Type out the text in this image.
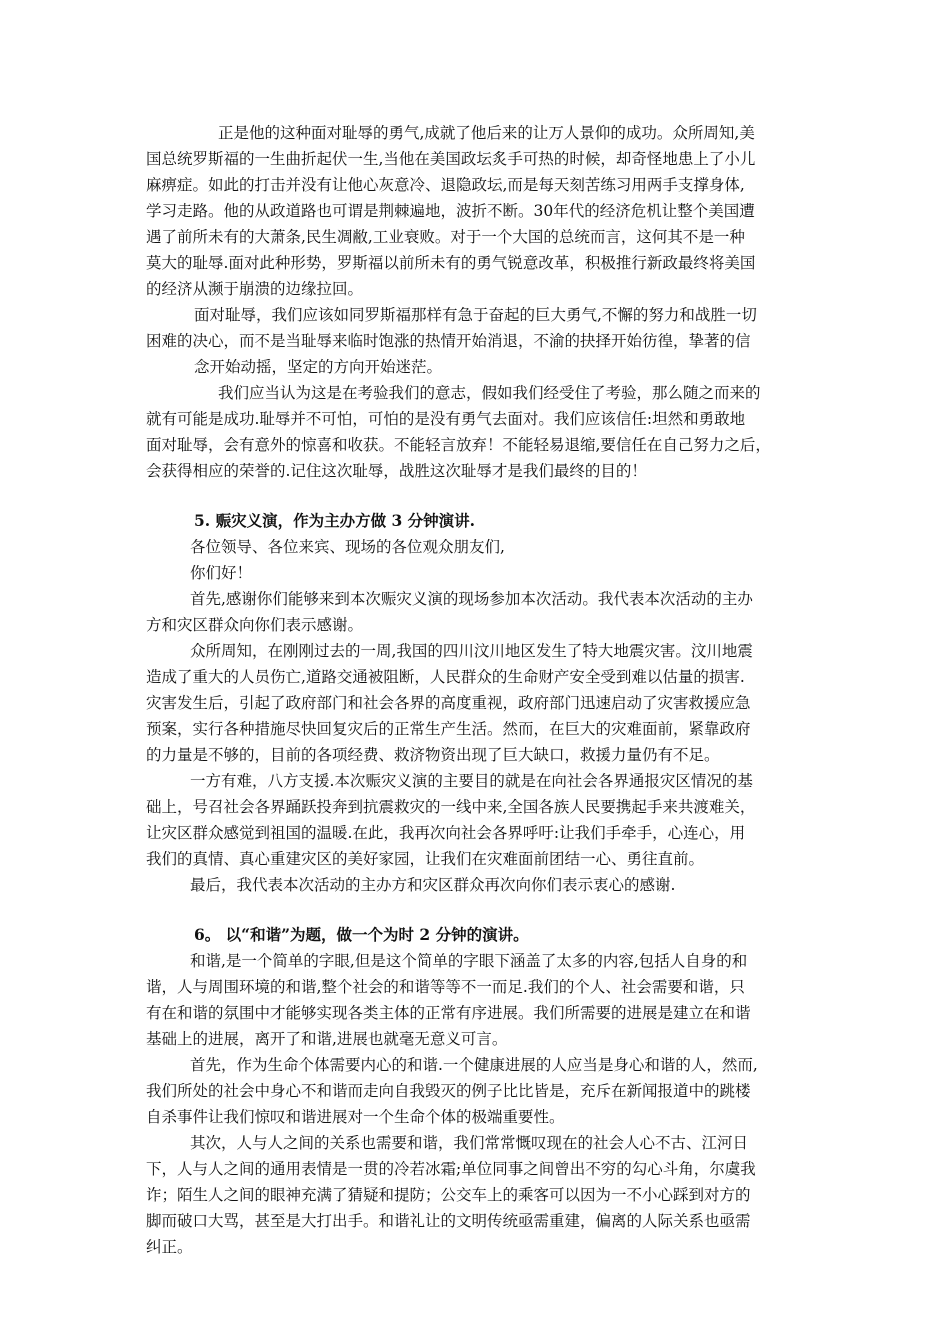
正是他的这种面对耻辱的勇气,成就了他后来的让万人景仰的成功。众所周知,美
国总统罗斯福的一生曲折起伏一生,当他在美国政坛炙手可热的时候，却奇怪地患上了小儿
麻痹症。如此的打击并没有让他心灰意冷、退隐政坛,而是每天刻苦练习用两手支撑身体,
学习走路。他的从政道路也可谓是荆棘遍地，波折不断。30年代的经济危机让整个美国遭
遇了前所未有的大萧条,民生凋敝,工业衰败。对于一个大国的总统而言，这何其不是一种
莫大的耻辱.面对此种形势，罗斯福以前所未有的勇气锐意改革，积极推行新政最终将美国
的经济从濒于崩溃的边缘拉回。
面对耻辱，我们应该如同罗斯福那样有急于奋起的巨大勇气,不懈的努力和战胜一切
困难的决心，而不是当耻辱来临时饱涨的热情开始消退，不渝的抉择开始彷徨，挚著的信
念开始动摇，坚定的方向开始迷茫。
我们应当认为这是在考验我们的意志，假如我们经受住了考验，那么随之而来的
就有可能是成功.耻辱并不可怕，可怕的是没有勇气去面对。我们应该信任:坦然和勇敢地
面对耻辱，会有意外的惊喜和收获。不能轻言放弃！不能轻易退缩,要信任在自己努力之后，
会获得相应的荣誉的.记住这次耻辱，战胜这次耻辱才是我们最终的目的！
5. 赈灾义演，作为主办方做 3 分钟演讲.
各位领导、各位来宾、现场的各位观众朋友们,
你们好！
首先,感谢你们能够来到本次赈灾义演的现场参加本次活动。我代表本次活动的主办
方和灾区群众向你们表示感谢。
众所周知，在刚刚过去的一周,我国的四川汶川地区发生了特大地震灾害。汶川地震
造成了重大的人员伤亡,道路交通被阻断，人民群众的生命财产安全受到难以估量的损害.
灾害发生后，引起了政府部门和社会各界的高度重视，政府部门迅速启动了灾害救援应急
预案，实行各种措施尽快回复灾后的正常生产生活。然而，在巨大的灾难面前，紧靠政府
的力量是不够的，目前的各项经费、救济物资出现了巨大缺口，救援力量仍有不足。
一方有难，八方支援.本次赈灾义演的主要目的就是在向社会各界通报灾区情况的基
础上，号召社会各界踊跃投奔到抗震救灾的一线中来,全国各族人民要携起手来共渡难关，
让灾区群众感觉到祖国的温暖.在此，我再次向社会各界呼吁:让我们手牵手，心连心，用
我们的真情、真心重建灾区的美好家园，让我们在灾难面前团结一心、勇往直前。
最后，我代表本次活动的主办方和灾区群众再次向你们表示衷心的感谢.
6。 以“和谐”为题，做一个为时 2 分钟的演讲。
和谐,是一个简单的字眼,但是这个简单的字眼下涵盖了太多的内容,包括人自身的和
谐，人与周围环境的和谐,整个社会的和谐等等不一而足.我们的个人、社会需要和谐，只
有在和谐的氛围中才能够实现各类主体的正常有序进展。我们所需要的进展是建立在和谐
基础上的进展，离开了和谐,进展也就毫无意义可言。
首先，作为生命个体需要内心的和谐.一个健康进展的人应当是身心和谐的人，然而,
我们所处的社会中身心不和谐而走向自我毁灭的例子比比皆是，充斥在新闻报道中的跳楼
自杀事件让我们惊叹和谐进展对一个生命个体的极端重要性。
其次，人与人之间的关系也需要和谐，我们常常慨叹现在的社会人心不古、江河日
下，人与人之间的通用表情是一贯的冷若冰霜;单位同事之间曾出不穷的勾心斗角，尔虞我
诈；陌生人之间的眼神充满了猜疑和提防；公交车上的乘客可以因为一不小心踩到对方的
脚而破口大骂，甚至是大打出手。和谐礼让的文明传统亟需重建，偏离的人际关系也亟需
纠正。
